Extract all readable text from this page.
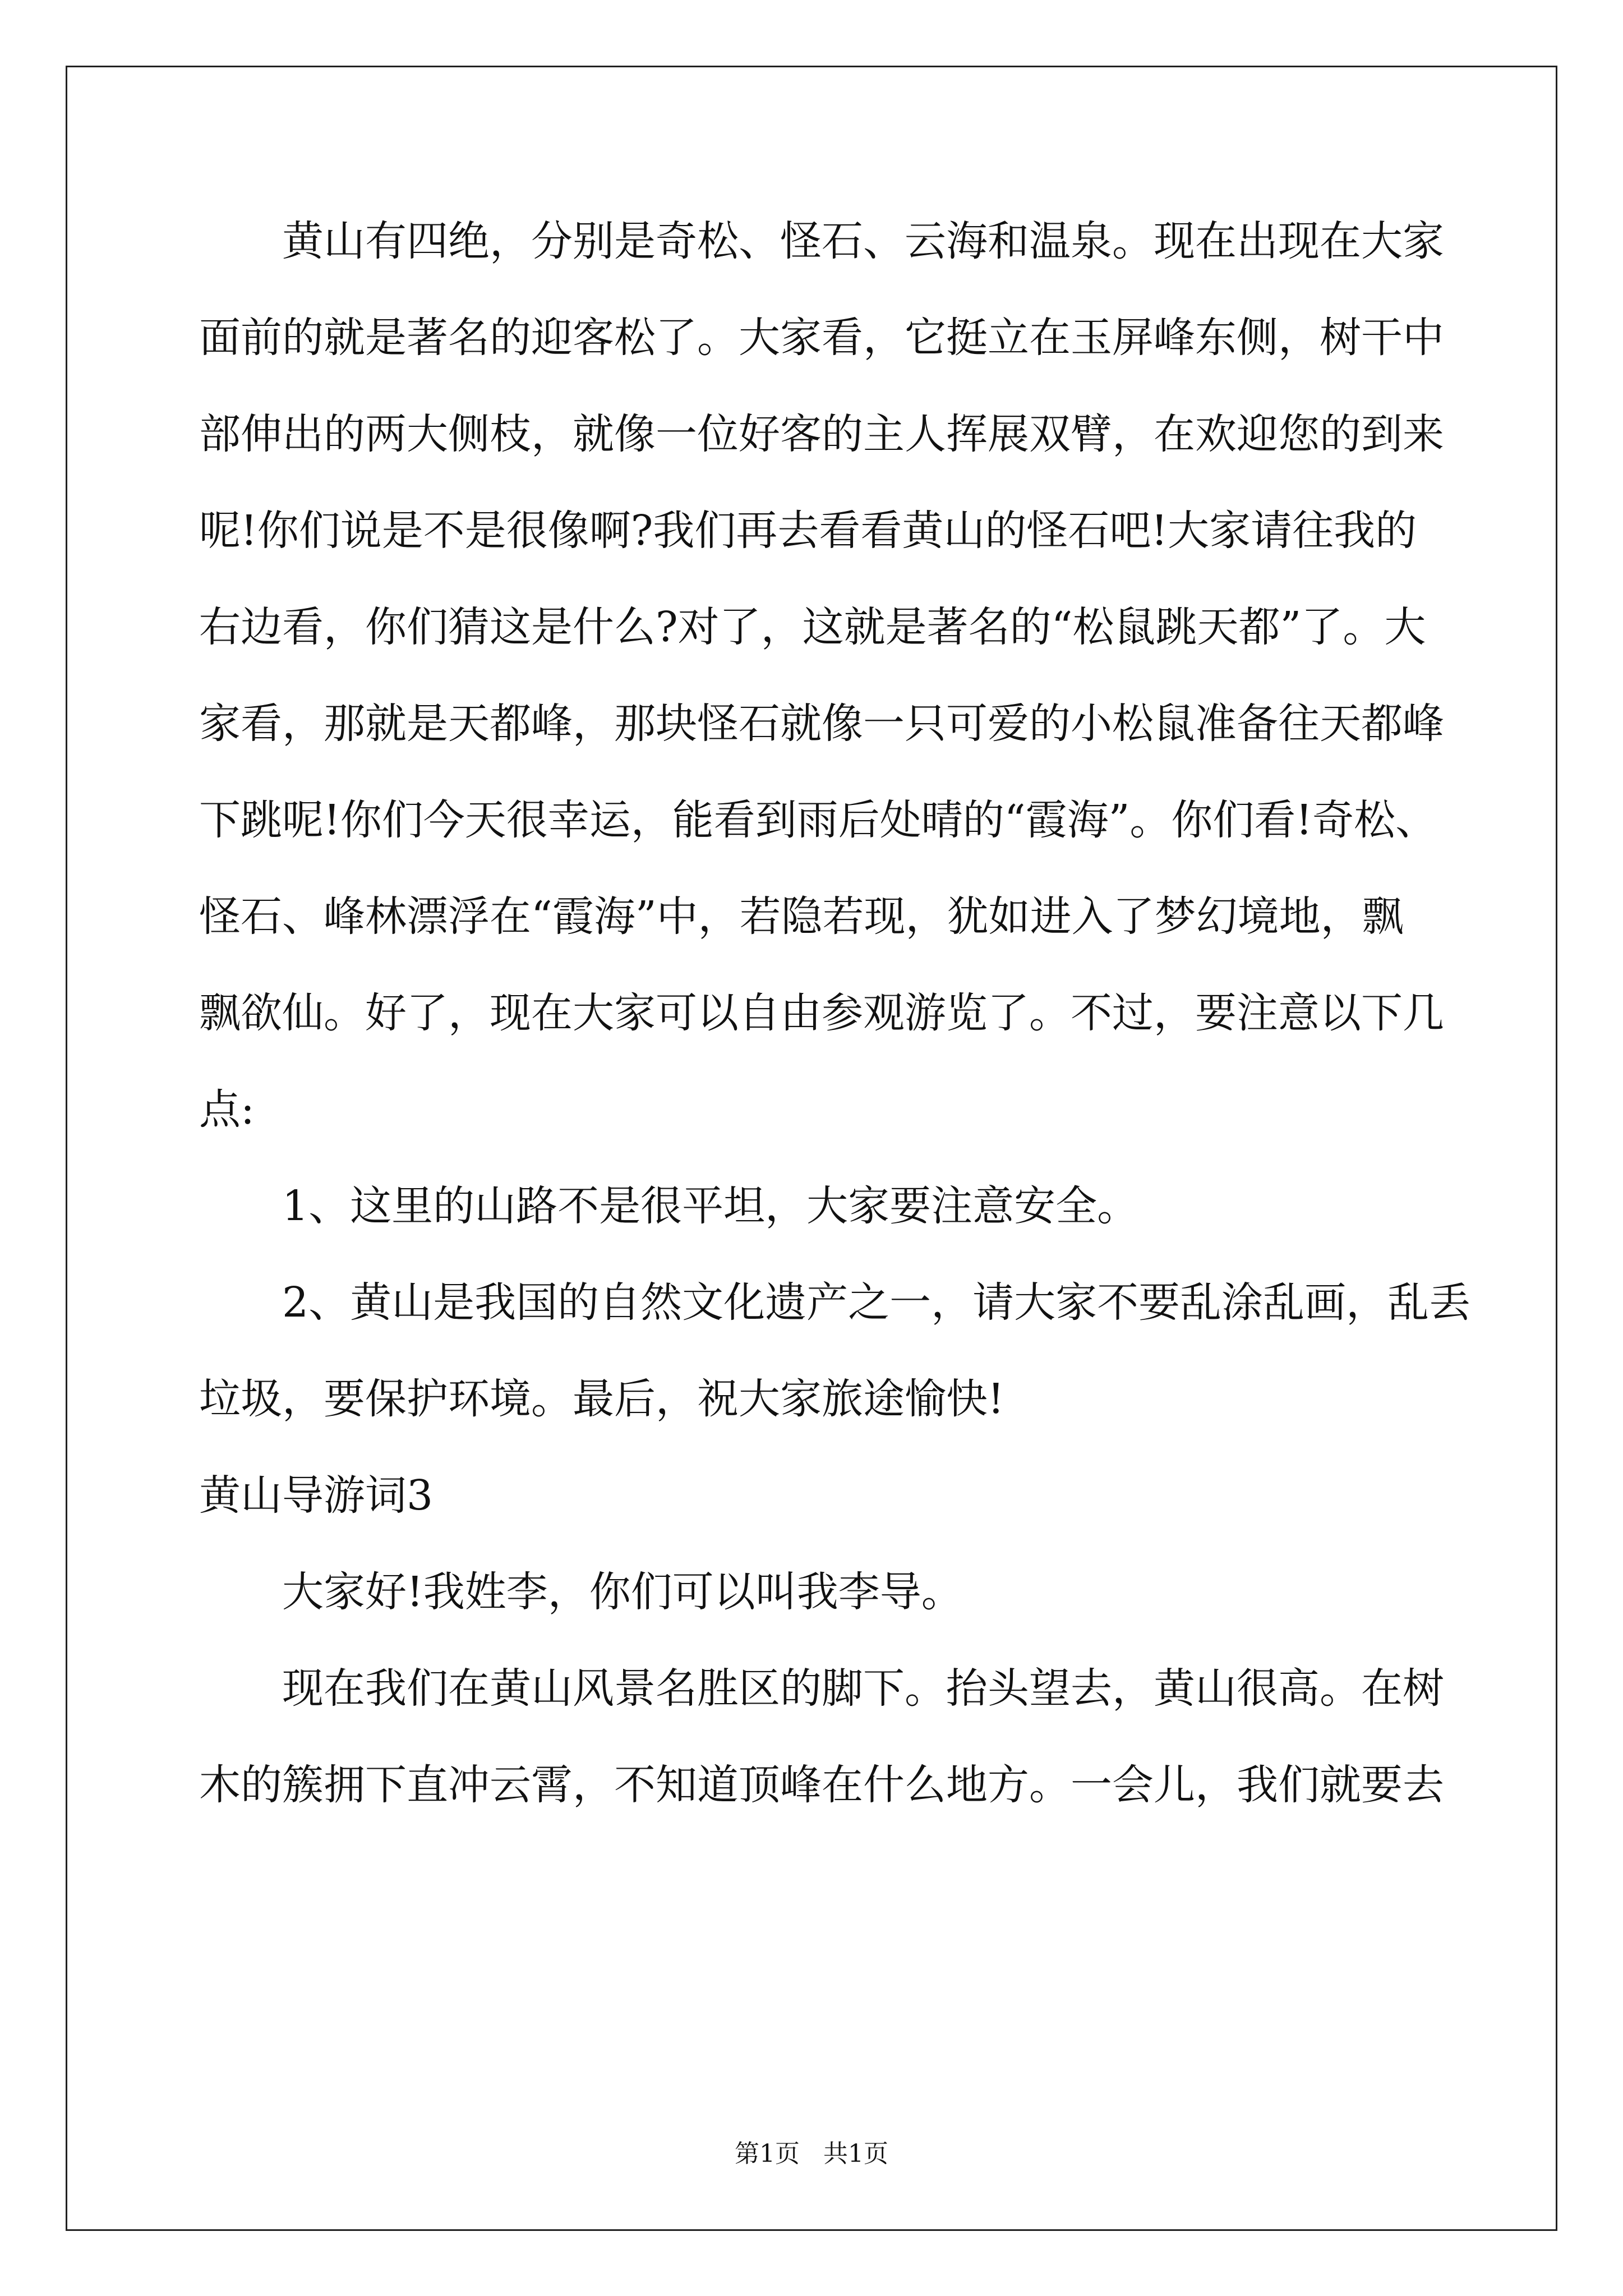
黄山有四绝，分别是奇松、怪石、云海和温泉。现在出现在大家
面前的就是著名的迎客松了。大家看，它挺立在玉屏峰东侧，树干中
部伸出的两大侧枝，就像一位好客的主人挥展双臂，在欢迎您的到来
呢!你们说是不是很像啊?我们再去看看黄山的怪石吧!大家请往我的
右边看，你们猜这是什么?对了，这就是著名的“松鼠跳天都”了。大
家看，那就是天都峰，那块怪石就像一只可爱的小松鼠准备往天都峰
下跳呢!你们今天很幸运，能看到雨后处晴的“霞海”。你们看!奇松、
怪石、峰林漂浮在“霞海”中，若隐若现，犹如进入了梦幻境地，飘
飘欲仙。好了，现在大家可以自由参观游览了。不过，要注意以下几
点:
1、这里的山路不是很平坦，大家要注意安全。
2、黄山是我国的自然文化遗产之一，请大家不要乱涂乱画，乱丢
垃圾，要保护环境。最后，祝大家旅途愉快!
黄山导游词3
大家好!我姓李，你们可以叫我李导。
现在我们在黄山风景名胜区的脚下。抬头望去，黄山很高。在树
木的簇拥下直冲云霄，不知道顶峰在什么地方。一会儿，我们就要去
第1页   共1页
